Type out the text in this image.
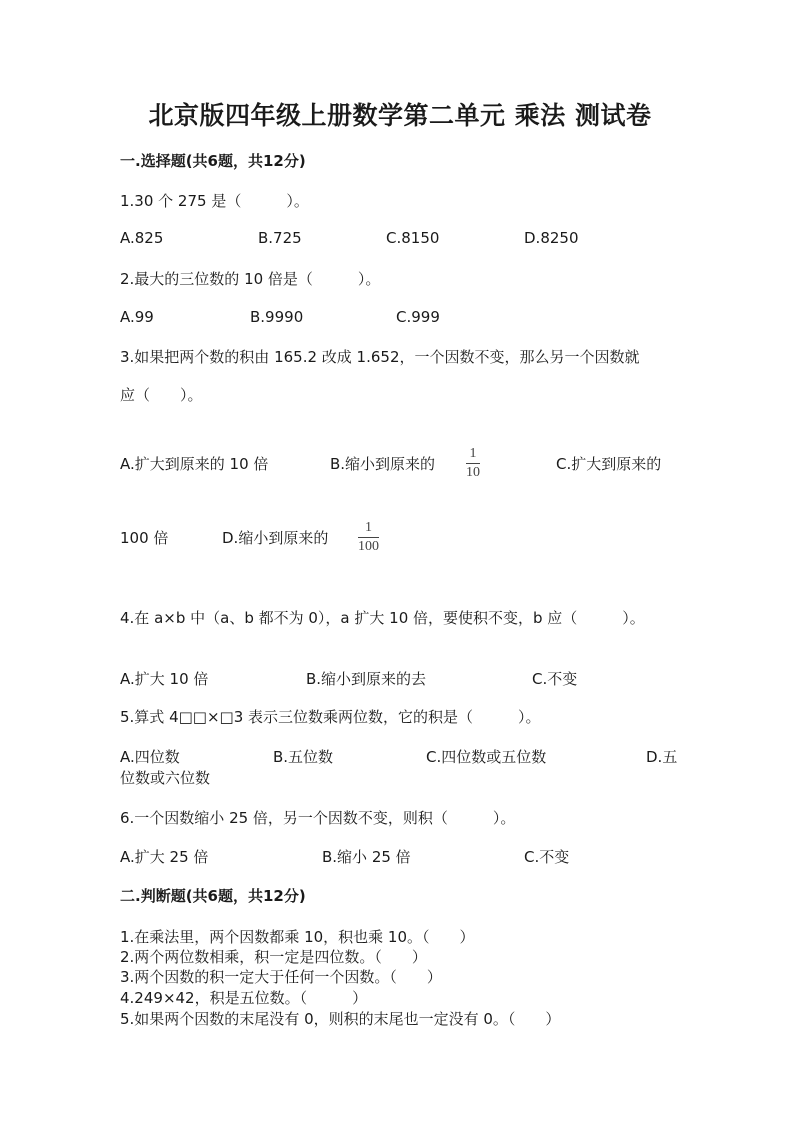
北京版四年级上册数学第二单元 乘法 测试卷
一.选择题(共6题，共12分)
1.30 个 275 是（　　　）。
A.825	B.725	C.8150	D.8250
2.最大的三位数的 10 倍是（　　　）。
A.99	B.9990	C.999
3.如果把两个数的积由 165.2 改成 1.652，一个因数不变，那么另一个因数就
应（　　）。
A.扩大到原来的 10 倍	B.缩小到原来的
1
10	C.扩大到原来的
100 倍	D.缩小到原来的
1
100
4.在 a×b 中（a、b 都不为 0），a 扩大 10 倍，要使积不变，b 应（　　　）。
A.扩大 10 倍	B.缩小到原来的去	C.不变
5.算式 4□□×□3 表示三位数乘两位数，它的积是（　　　）。
A.四位数	B.五位数	C.四位数或五位数	D.五
位数或六位数
6.一个因数缩小 25 倍，另一个因数不变，则积（　　　）。
A.扩大 25 倍	B.缩小 25 倍	C.不变
二.判断题(共6题，共12分)
1.在乘法里，两个因数都乘 10，积也乘 10。（　　）
2.两个两位数相乘，积一定是四位数。（　　）
3.两个因数的积一定大于任何一个因数。（　　）
4.249×42，积是五位数。（　　　）
5.如果两个因数的末尾没有 0，则积的末尾也一定没有 0。（　　）
